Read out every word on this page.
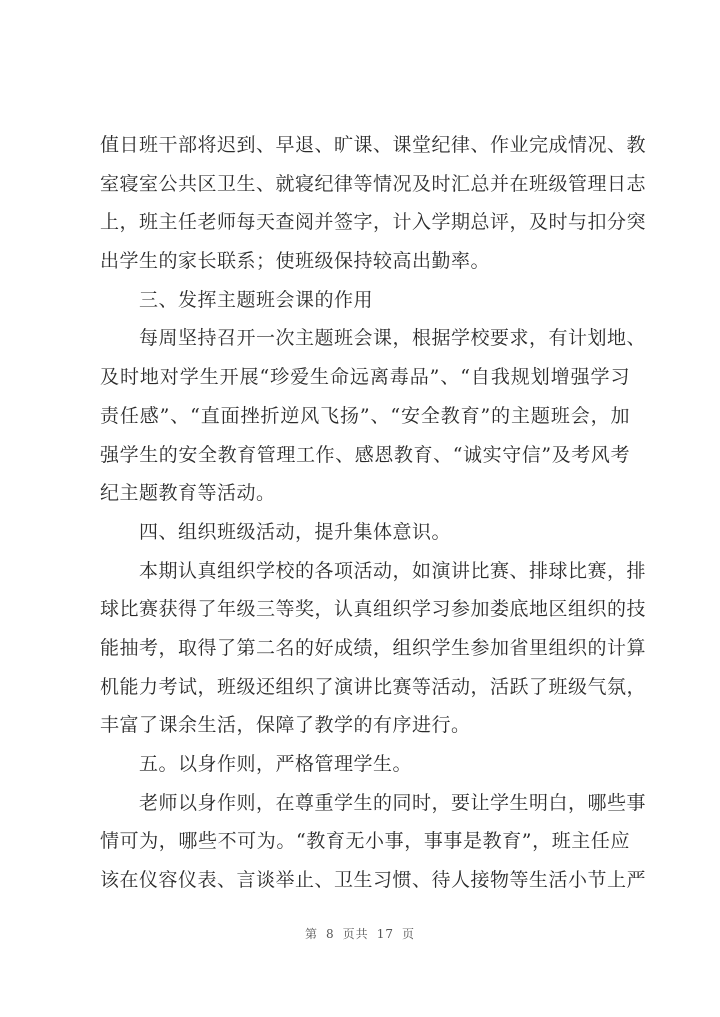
值日班干部将迟到、早退、旷课、课堂纪律、作业完成情况、教
室寝室公共区卫生、就寝纪律等情况及时汇总并在班级管理日志
上，班主任老师每天查阅并签字，计入学期总评，及时与扣分突
出学生的家长联系；使班级保持较高出勤率。
　　三、发挥主题班会课的作用
　　每周坚持召开一次主题班会课，根据学校要求，有计划地、
及时地对学生开展“珍爱生命远离毒品”、“自我规划增强学习
责任感”、“直面挫折逆风飞扬”、“安全教育”的主题班会，加
强学生的安全教育管理工作、感恩教育、“诚实守信”及考风考
纪主题教育等活动。
　　四、组织班级活动，提升集体意识。
　　本期认真组织学校的各项活动，如演讲比赛、排球比赛，排
球比赛获得了年级三等奖，认真组织学习参加娄底地区组织的技
能抽考，取得了第二名的好成绩，组织学生参加省里组织的计算
机能力考试，班级还组织了演讲比赛等活动，活跃了班级气氛，
丰富了课余生活，保障了教学的有序进行。
　　五。以身作则，严格管理学生。
　　老师以身作则，在尊重学生的同时，要让学生明白，哪些事
情可为，哪些不可为。“教育无小事，事事是教育”，班主任应
该在仪容仪表、言谈举止、卫生习惯、待人接物等生活小节上严
第 8 页共 17 页
